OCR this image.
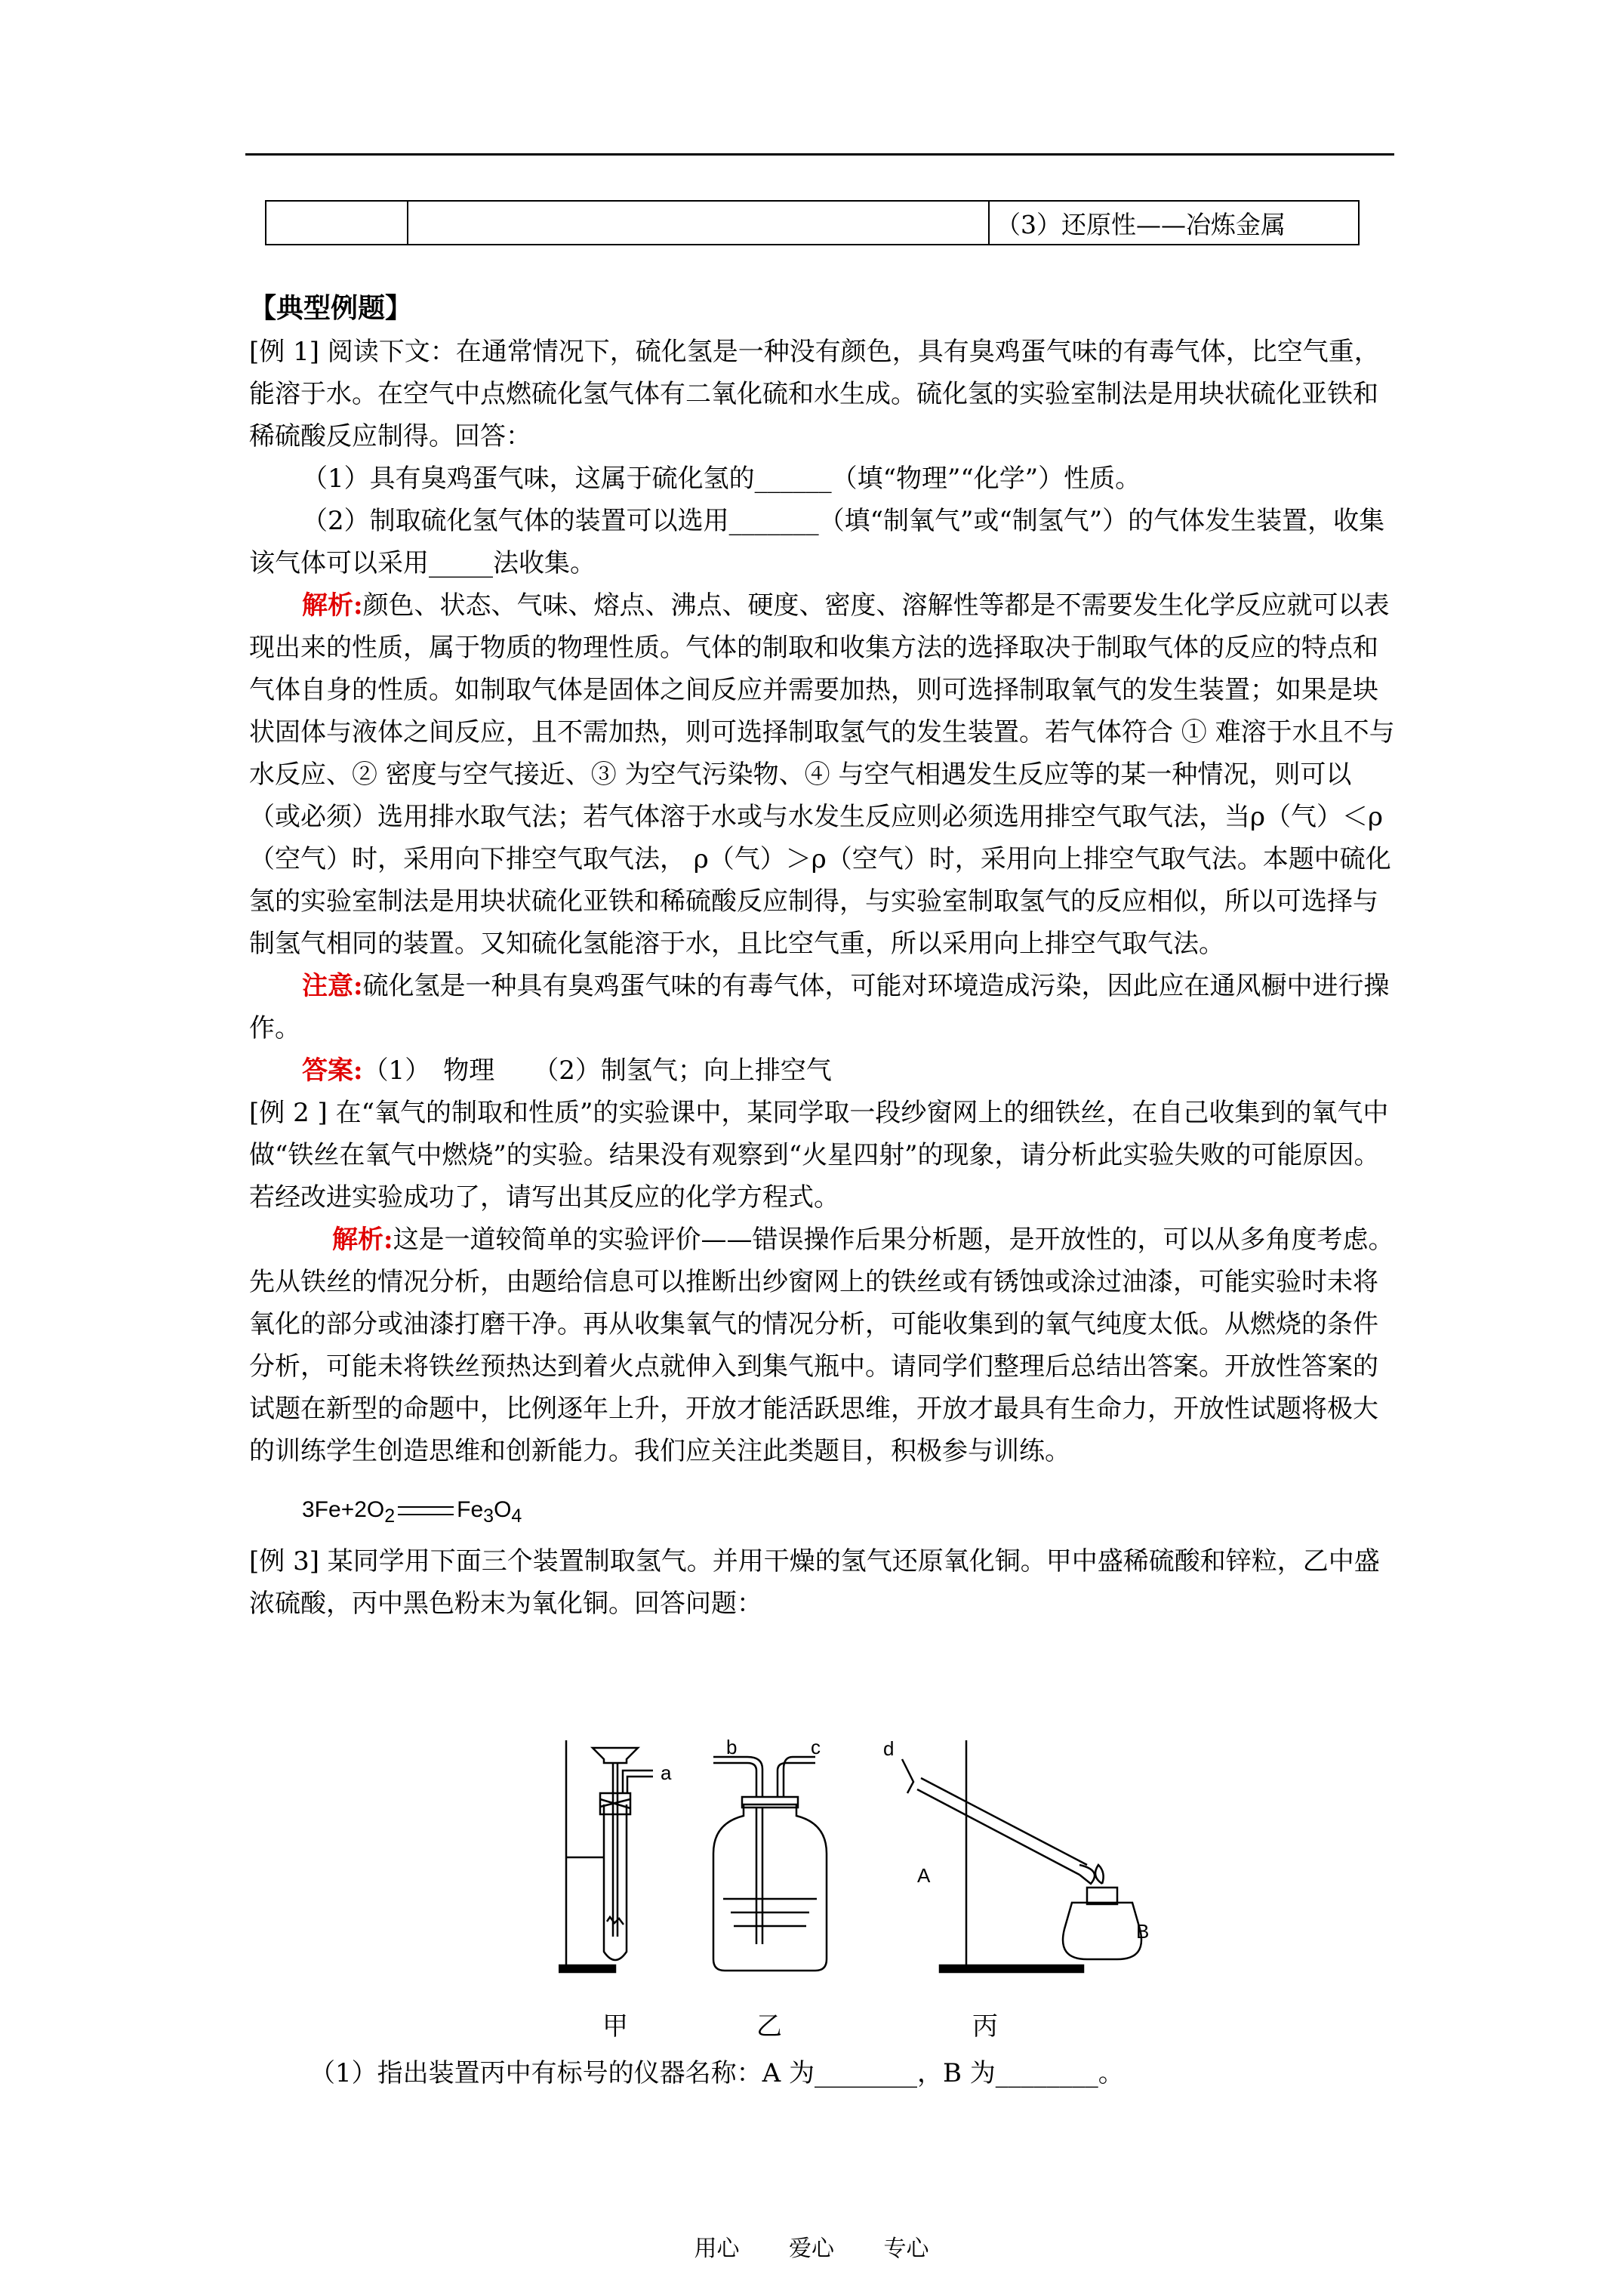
		（3）还原性——冶炼金属

【典型例题】

[例 1] 阅读下文：在通常情况下，硫化氢是一种没有颜色，具有臭鸡蛋气味的有毒气体，比空气重，能溶于水。在空气中点燃硫化氢气体有二氧化硫和水生成。硫化氢的实验室制法是用块状硫化亚铁和稀硫酸反应制得。回答：

（1）具有臭鸡蛋气味，这属于硫化氢的______（填“物理”“化学”）性质。

（2）制取硫化氢气体的装置可以选用_______（填“制氧气”或“制氢气”）的气体发生装置，收集该气体可以采用_____法收集。

解析:颜色、状态、气味、熔点、沸点、硬度、密度、溶解性等都是不需要发生化学反应就可以表现出来的性质，属于物质的物理性质。气体的制取和收集方法的选择取决于制取气体的反应的特点和气体自身的性质。如制取气体是固体之间反应并需要加热，则可选择制取氧气的发生装置；如果是块状固体与液体之间反应，且不需加热，则可选择制取氢气的发生装置。若气体符合 ① 难溶于水且不与水反应、② 密度与空气接近、③ 为空气污染物、④ 与空气相遇发生反应等的某一种情况，则可以（或必须）选用排水取气法；若气体溶于水或与水发生反应则必须选用排空气取气法，当ρ（气）＜ρ（空气）时，采用向下排空气取气法， ρ（气）＞ρ（空气）时，采用向上排空气取气法。本题中硫化氢的实验室制法是用块状硫化亚铁和稀硫酸反应制得，与实验室制取氢气的反应相似，所以可选择与制氢气相同的装置。又知硫化氢能溶于水，且比空气重，所以采用向上排空气取气法。

注意:硫化氢是一种具有臭鸡蛋气味的有毒气体，可能对环境造成污染，因此应在通风橱中进行操作。

答案:（1）　物理　　（2）制氢气；向上排空气

[例 2 ] 在“氧气的制取和性质”的实验课中，某同学取一段纱窗网上的细铁丝，在自己收集到的氧气中做“铁丝在氧气中燃烧”的实验。结果没有观察到“火星四射”的现象，请分析此实验失败的可能原因。若经改进实验成功了，请写出其反应的化学方程式。

解析:这是一道较简单的实验评价——错误操作后果分析题，是开放性的，可以从多角度考虑。先从铁丝的情况分析，由题给信息可以推断出纱窗网上的铁丝或有锈蚀或涂过油漆，可能实验时未将氧化的部分或油漆打磨干净。再从收集氧气的情况分析，可能收集到的氧气纯度太低。从燃烧的条件分析，可能未将铁丝预热达到着火点就伸入到集气瓶中。请同学们整理后总结出答案。开放性答案的试题在新型的命题中，比例逐年上升，开放才能活跃思维，开放才最具有生命力，开放性试题将极大的训练学生创造思维和创新能力。我们应关注此类题目，积极参与训练。

$3Fe+2O_2$	$Fe_3O_4$

[例 3] 某同学用下面三个装置制取氢气。并用干燥的氢气还原氧化铜。甲中盛稀硫酸和锌粒，乙中盛浓硫酸，丙中黑色粉末为氧化铜。回答问题：

a
b	c	d
A
B
甲	乙	丙
（1）指出装置丙中有标号的仪器名称：A 为________，B 为________。
用心 爱心 专心
